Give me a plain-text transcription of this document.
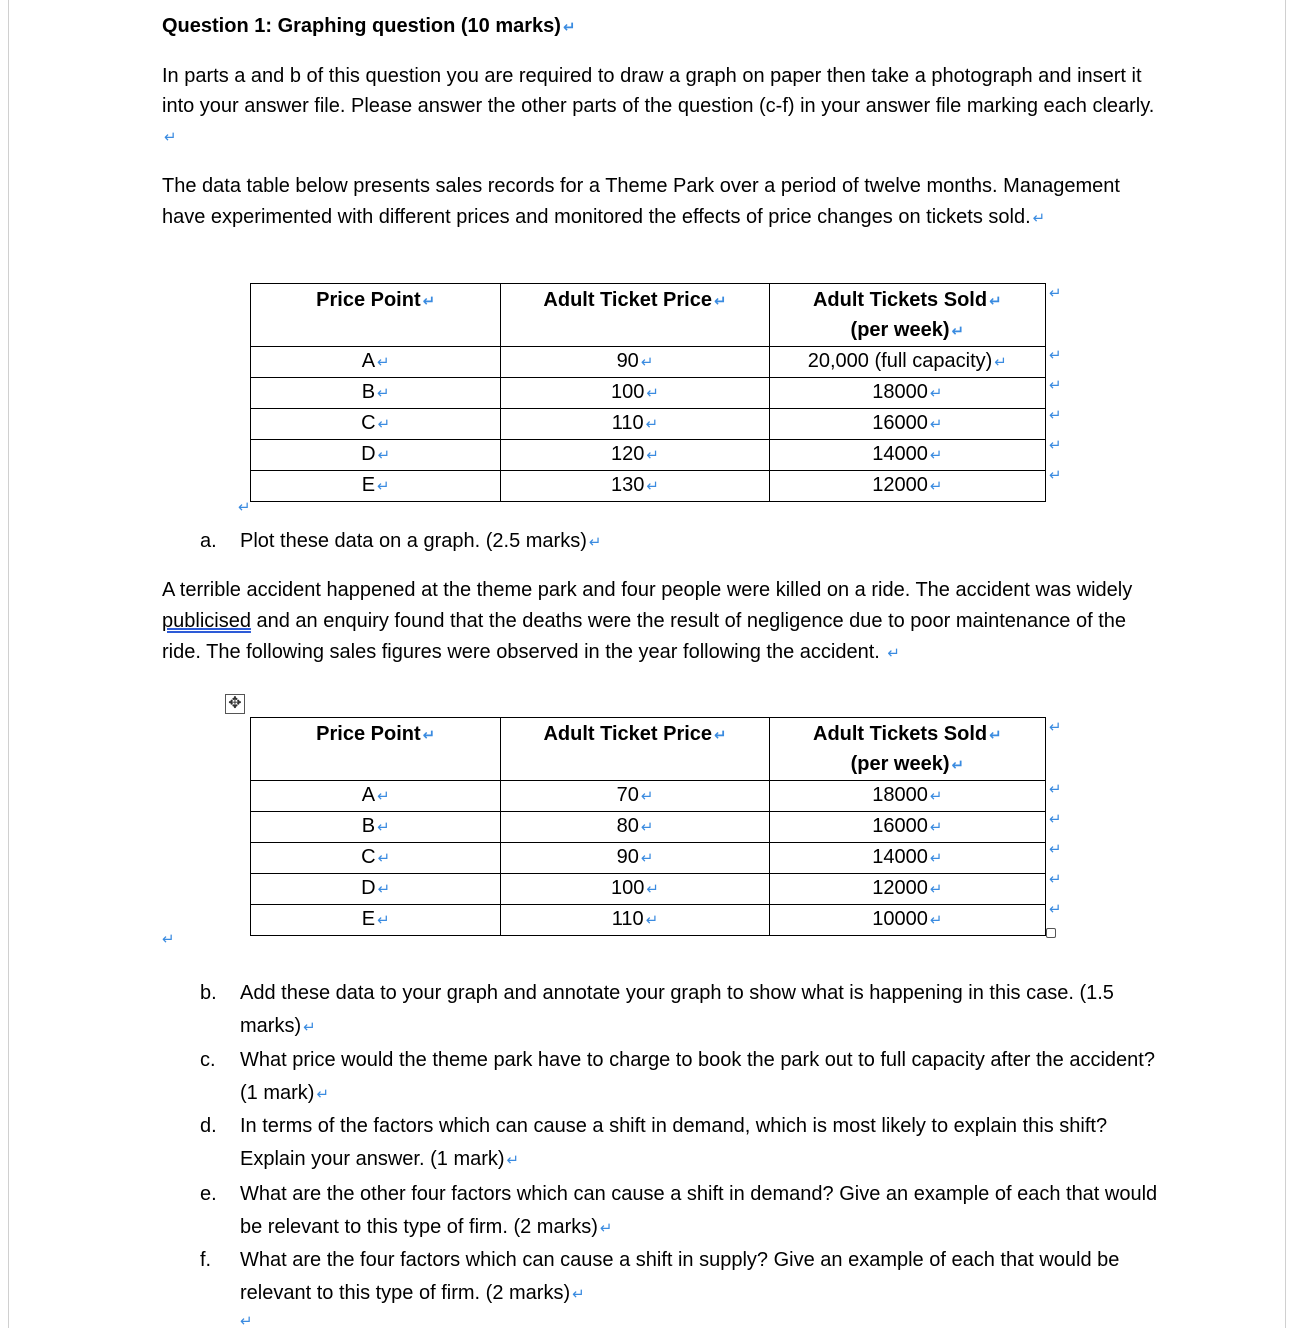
Question 1: Graphing question (10 marks) ↵
In parts a and b of this question you are required to draw a graph on paper then take a photograph and insert it into your answer file. Please answer the other parts of the question (c-f) in your answer file marking each clearly. ↵
The data table below presents sales records for a Theme Park over a period of twelve months. Management have experimented with different prices and monitored the effects of price changes on tickets sold. ↵
Price Point ↵	Adult Ticket Price ↵	Adult Tickets Sold ↵
(per week) ↵
A ↵	90 ↵	20,000 (full capacity) ↵
B ↵	100 ↵	18000 ↵
C ↵	110 ↵	16000 ↵
D ↵	120 ↵	14000 ↵
E ↵	130 ↵	12000 ↵
↵
↵
↵
↵
↵
↵
↵
a.	Plot these data on a graph. (2.5 marks) ↵
A terrible accident happened at the theme park and four people were killed on a ride. The accident was widely publicised and an enquiry found that the deaths were the result of negligence due to poor maintenance of the ride. The following sales figures were observed in the year following the accident. ↵
✥
Price Point ↵	Adult Ticket Price ↵	Adult Tickets Sold ↵
(per week) ↵
A ↵	70 ↵	18000 ↵
B ↵	80 ↵	16000 ↵
C ↵	90 ↵	14000 ↵
D ↵	100 ↵	12000 ↵
E ↵	110 ↵	10000 ↵
↵
↵
↵
↵
↵
↵
↵
b.	Add these data to your graph and annotate your graph to show what is happening in this case. (1.5 marks) ↵
c.	What price would the theme park have to charge to book the park out to full capacity after the accident? (1 mark) ↵
d.	In terms of the factors which can cause a shift in demand, which is most likely to explain this shift? Explain your answer. (1 mark) ↵
e.	What are the other four factors which can cause a shift in demand? Give an example of each that would be relevant to this type of firm. (2 marks) ↵
f.	What are the four factors which can cause a shift in supply? Give an example of each that would be relevant to this type of firm. (2 marks) ↵
↵
